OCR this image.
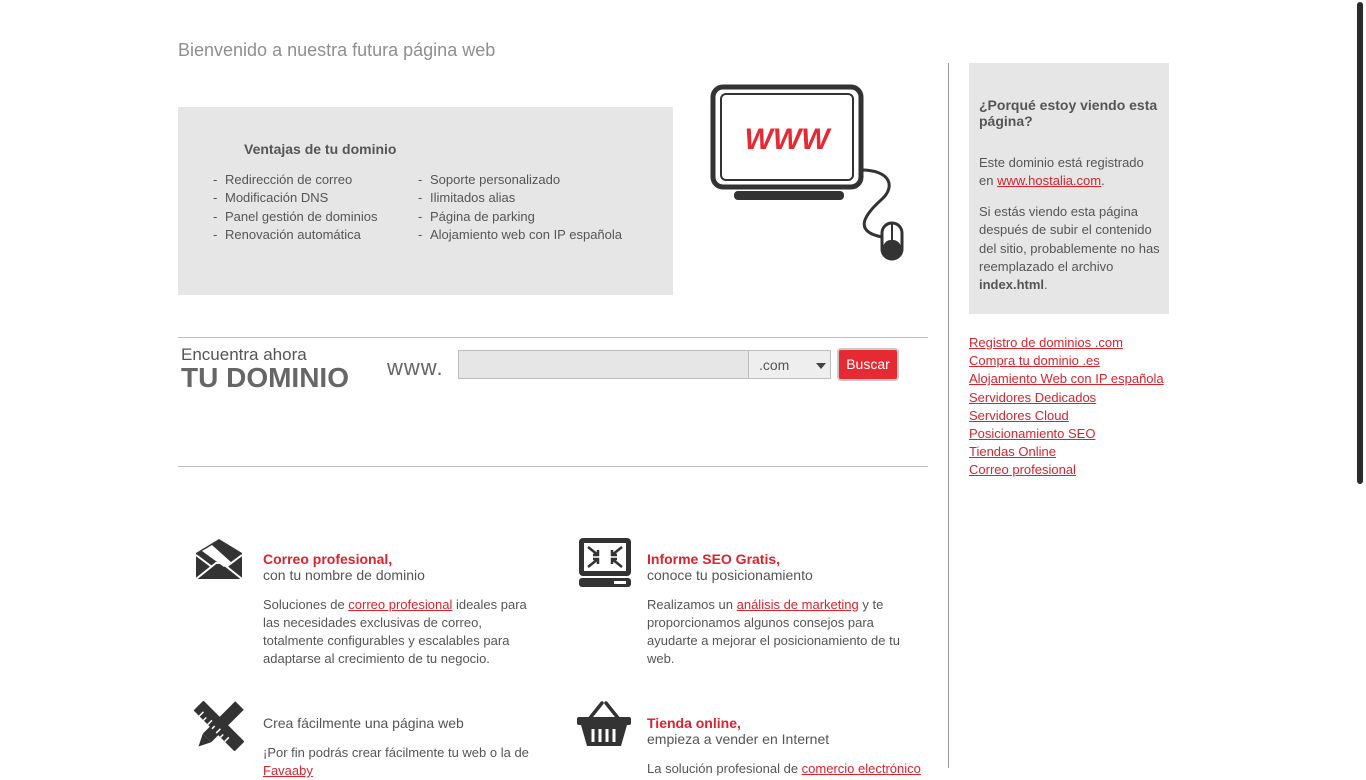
Bienvenido a nuestra futura página web
Ventajas de tu dominio
- Redirección de correo
- Modificación DNS
- Panel gestión de dominios
- Renovación automática
- Soporte personalizado
- Ilimitados alias
- Página de parking
- Alojamiento web con IP española
WWW
Encuentra ahora
TU DOMINIO www.	.com	Buscar
Correo profesional,
con tu nombre de dominio
Soluciones de correo profesional ideales para las necesidades exclusivas de correo, totalmente configurables y escalables para adaptarse al crecimiento de tu negocio.
Informe SEO Gratis,
conoce tu posicionamiento
Realizamos un análisis de marketing y te proporcionamos algunos consejos para ayudarte a mejorar el posicionamiento de tu web.
Crea fácilmente una página web
¡Por fin podrás crear fácilmente tu web o la de Favaaby
Tienda online,
empieza a vender en Internet
La solución profesional de comercio electrónico
¿Porqué estoy viendo esta página?
Este dominio está registrado en www.hostalia.com.
Si estás viendo esta página después de subir el contenido del sitio, probablemente no has reemplazado el archivo index.html.
Registro de dominios .com
Compra tu dominio .es
Alojamiento Web con IP española
Servidores Dedicados
Servidores Cloud
Posicionamiento SEO
Tiendas Online
Correo profesional
